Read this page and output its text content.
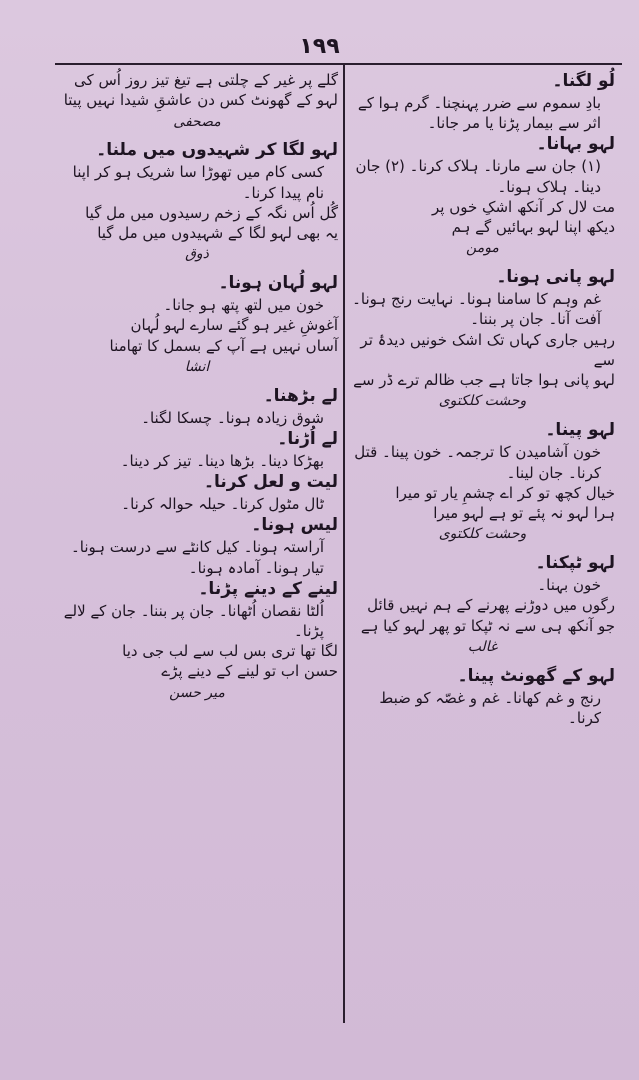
۱۹۹
لُو لگنا۔
بادِ سموم سے ضرر پہنچنا۔ گرم ہوا کے اثر سے بیمار پڑنا یا مر جانا۔
لہو بہانا۔
(۱) جان سے مارنا۔ ہلاک کرنا۔ (۲) جان دینا۔ ہلاک ہونا۔
مت لال کر آنکھ اشکِ خوں پر
دیکھ اپنا لہو بہائیں گے ہم
مومن
لہو پانی ہونا۔
غم وہم کا سامنا ہونا۔ نہایت رنج ہونا۔ آفت آنا۔ جان پر بننا۔
رہیں جاری کہاں تک اشک خونیں دیدۂ تر سے
لہو پانی ہوا جاتا ہے جب ظالم ترے ڈر سے
وحشت کلکتوی
لہو پینا۔
خون آشامیدن کا ترجمہ۔ خون پینا۔ قتل کرنا۔ جان لینا۔
خیال کچھ تو کر اے چشمِ یار تو میرا
ہرا لہو نہ پئے تو ہے لہو میرا
وحشت کلکتوی
لہو ٹپکنا۔
خون بہنا۔
رگوں میں دوڑنے پھرنے کے ہم نہیں قائل
جو آنکھ ہی سے نہ ٹپکا تو پھر لہو کیا ہے
غالب
لہو کے گھونٹ پینا۔
رنج و غم کھانا۔ غم و غصّہ کو ضبط کرنا۔
گلے پر غیر کے چلتی ہے تیغ تیز روز اُس کی
لہو کے گھونٹ کس دن عاشقِ شیدا نہیں پیتا
مصحفی
لہو لگا کر شہیدوں میں ملنا۔
کسی کام میں تھوڑا سا شریک ہو کر اپنا نام پیدا کرنا۔
گُل اُس نگہ کے زخم رسیدوں میں مل گیا
یہ بھی لہو لگا کے شہیدوں میں مل گیا
ذوق
لہو لُہان ہونا۔
خون میں لتھ پتھ ہو جانا۔
آغوشِ غیر ہو گئے سارے لہو لُہان
آساں نہیں ہے آپ کے بسمل کا تھامنا
انشا
لے بڑھنا۔
شوق زیادہ ہونا۔ چسکا لگنا۔
لے اُڑنا۔
بھڑکا دینا۔ بڑھا دینا۔ تیز کر دینا۔
لیت و لعل کرنا۔
ٹال مٹول کرنا۔ حیلہ حوالہ کرنا۔
لیس ہونا۔
آراستہ ہونا۔ کیل کانٹے سے درست ہونا۔ تیار ہونا۔ آمادہ ہونا۔
لینے کے دینے پڑنا۔
اُلٹا نقصان اُٹھانا۔ جان پر بننا۔ جان کے لالے پڑنا۔
لگا تھا تری بس لب سے لب جی دیا
حسن اب تو لینے کے دینے پڑے
میر حسن
